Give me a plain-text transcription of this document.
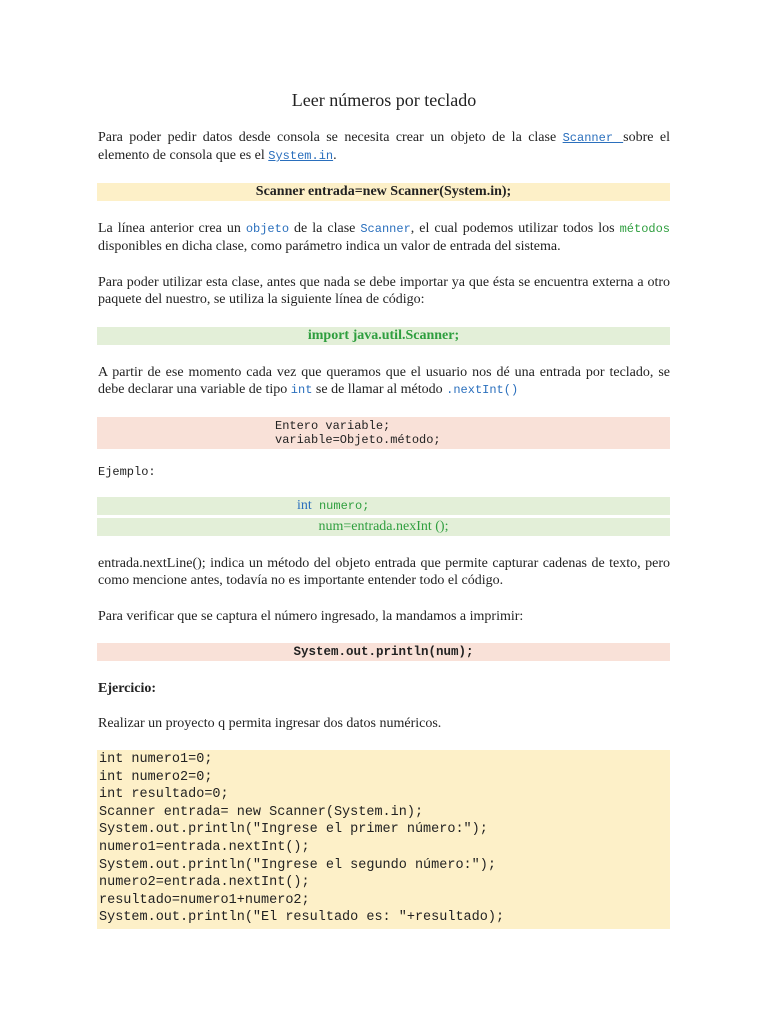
Leer números por teclado
Para poder pedir datos desde consola se necesita crear un objeto de la clase Scanner sobre el elemento de consola que es el System.in.
Scanner entrada=new Scanner(System.in);
La línea anterior crea un objeto de la clase Scanner, el cual podemos utilizar todos los métodos disponibles en dicha clase, como parámetro indica un valor de entrada del sistema.
Para poder utilizar esta clase, antes que nada se debe importar ya que ésta se encuentra externa a otro paquete del nuestro, se utiliza la siguiente línea de código:
import java.util.Scanner;
A partir de ese momento cada vez que queramos que el usuario nos dé una entrada por teclado, se debe declarar una variable de tipo int se de llamar al método .nextInt()
Entero variable;
variable=Objeto.método;
Ejemplo:
int numero;
num=entrada.nexInt ();
entrada.nextLine(); indica un método del objeto entrada que permite capturar cadenas de texto, pero como mencione antes, todavía no es importante entender todo el código.
Para verificar que se captura el número ingresado, la mandamos a imprimir:
System.out.println(num);
Ejercicio:
Realizar un proyecto q permita ingresar dos datos numéricos.
int numero1=0;
int numero2=0;
int resultado=0;
Scanner entrada= new Scanner(System.in);
System.out.println("Ingrese el primer número:");
numero1=entrada.nextInt();
System.out.println("Ingrese el segundo número:");
numero2=entrada.nextInt();
resultado=numero1+numero2;
System.out.println("El resultado es: "+resultado);
